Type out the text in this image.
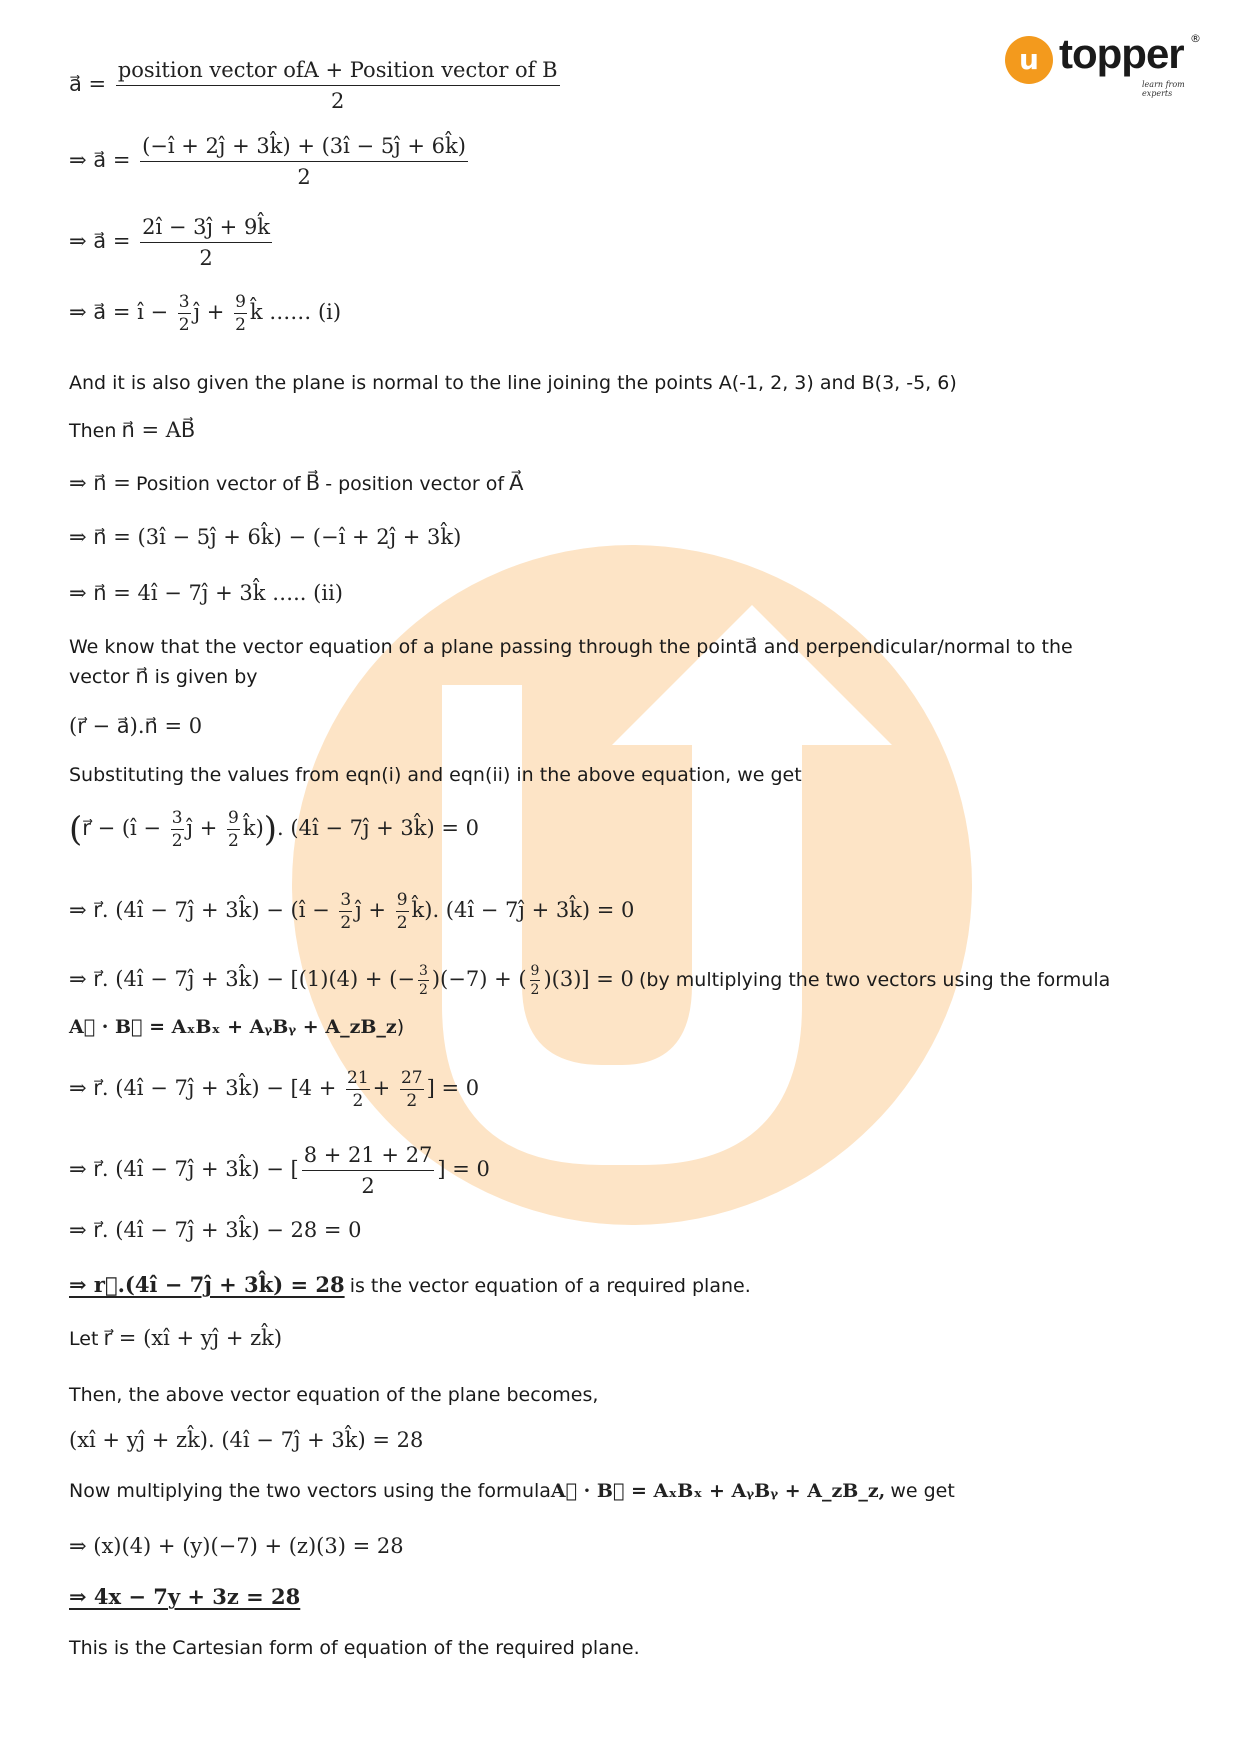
u topper ®
learn from experts
a⃗ = $\frac{\text{position vector ofA + Position vector of B}}{2}$
⇒ a⃗ = $\frac{(-î + 2ĵ + 3k̂) + (3î - 5ĵ + 6k̂)}{2}$
⇒ a⃗ = $\frac{2î - 3ĵ + 9k̂}{2}$
⇒ a⃗ = î − $\frac{3}{2}$ ĵ + $\frac{9}{2}$ k̂ …… (i)
And it is also given the plane is normal to the line joining the points A(-1, 2, 3) and B(3, -5, 6)
Then n⃗ = AB⃗
⇒ n⃗ = Position vector of B⃗ - position vector of A⃗
⇒ n⃗ = (3î − 5ĵ + 6k̂) − (−î + 2ĵ + 3k̂)
⇒ n⃗ = 4î − 7ĵ + 3k̂ ….. (ii)
We know that the vector equation of a plane passing through the pointa⃗ and perpendicular/normal to the
vector n⃗ is given by
(r⃗ − a⃗).n⃗ = 0
Substituting the values from eqn(i) and eqn(ii) in the above equation, we get
(r⃗ − (î − $\frac{3}{2}$ ĵ + $\frac{9}{2}$ k̂)). (4î − 7ĵ + 3k̂) = 0
⇒ r⃗. (4î − 7ĵ + 3k̂) − (î − $\frac{3}{2}$ ĵ + $\frac{9}{2}$ k̂). (4î − 7ĵ + 3k̂) = 0
⇒ r⃗. (4î − 7ĵ + 3k̂) − [(1)(4) + (− $\frac{3}{2} )(-7)$ + ( $\frac{9}{2} )(3)] = 0$ (by multiplying the two vectors using the formula
A⃗ · B⃗ = AₓBₓ + AᵧBᵧ + A_zB_z)
⇒ r⃗. (4î − 7ĵ + 3k̂) − [$4 + \frac{21}{2} + \frac{27}{2}$ ] = 0
⇒ r⃗. (4î − 7ĵ + 3k̂) − [ $\frac{8 + 21 + 27}{2}$ ] = 0
⇒ r⃗. (4î − 7ĵ + 3k̂) − 28 = 0
⇒ r⃗.(4î − 7ĵ + 3k̂) = 28 is the vector equation of a required plane.
Let r⃗ = (xî + yĵ + zk̂)
Then, the above vector equation of the plane becomes,
(xî + yĵ + zk̂). (4î − 7ĵ + 3k̂) = 28
Now multiplying the two vectors using the formulaA⃗ · B⃗ = AₓBₓ + AᵧBᵧ + A_zB_z, we get
⇒ (x)(4) + (y)(−7) + (z)(3) = 28
⇒ 4x − 7y + 3z = 28
This is the Cartesian form of equation of the required plane.
